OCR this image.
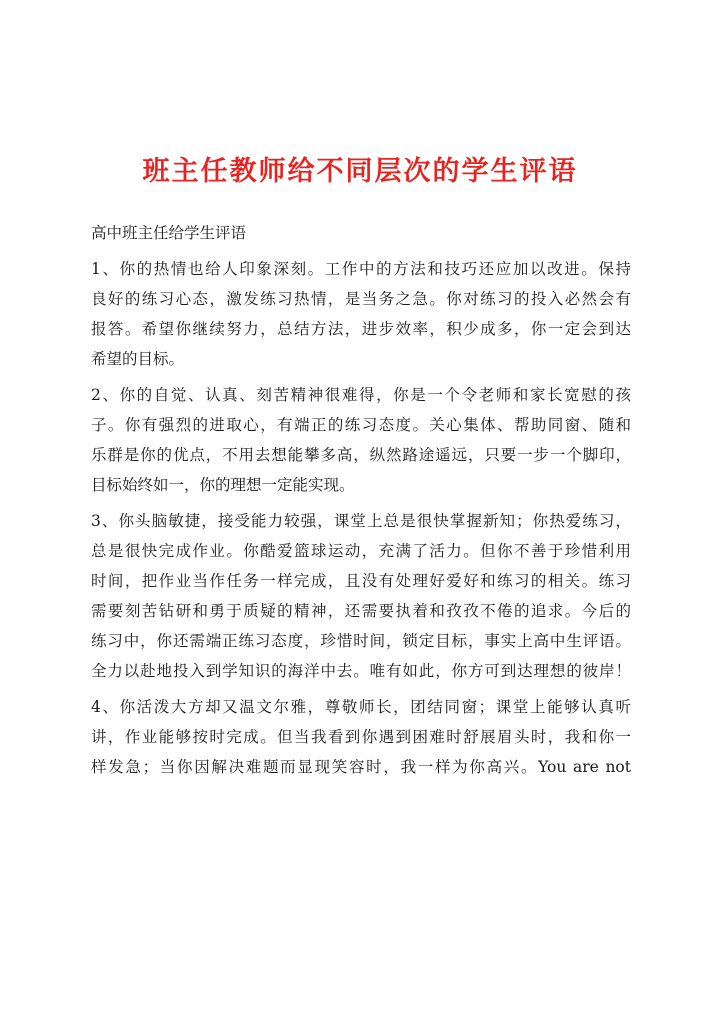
班主任教师给不同层次的学生评语

高中班主任给学生评语

1、你的热情也给人印象深刻。工作中的方法和技巧还应加以改进。保持
良好的练习心态，激发练习热情，是当务之急。你对练习的投入必然会有
报答。希望你继续努力，总结方法，进步效率，积少成多，你一定会到达
希望的目标。

2、你的自觉、认真、刻苦精神很难得，你是一个令老师和家长宽慰的孩
子。你有强烈的进取心，有端正的练习态度。关心集体、帮助同窗、随和
乐群是你的优点，不用去想能攀多高，纵然路途遥远，只要一步一个脚印，
目标始终如一，你的理想一定能实现。

3、你头脑敏捷，接受能力较强，课堂上总是很快掌握新知；你热爱练习，
总是很快完成作业。你酷爱篮球运动，充满了活力。但你不善于珍惜利用
时间，把作业当作任务一样完成，且没有处理好爱好和练习的相关。练习
需要刻苦钻研和勇于质疑的精神，还需要执着和孜孜不倦的追求。今后的
练习中，你还需端正练习态度，珍惜时间，锁定目标，事实上高中生评语。
全力以赴地投入到学知识的海洋中去。唯有如此，你方可到达理想的彼岸！

4、你活泼大方却又温文尔雅，尊敬师长，团结同窗；课堂上能够认真听
讲，作业能够按时完成。但当我看到你遇到困难时舒展眉头时，我和你一
样发急；当你因解决难题而显现笑容时，我一样为你高兴。You are not
